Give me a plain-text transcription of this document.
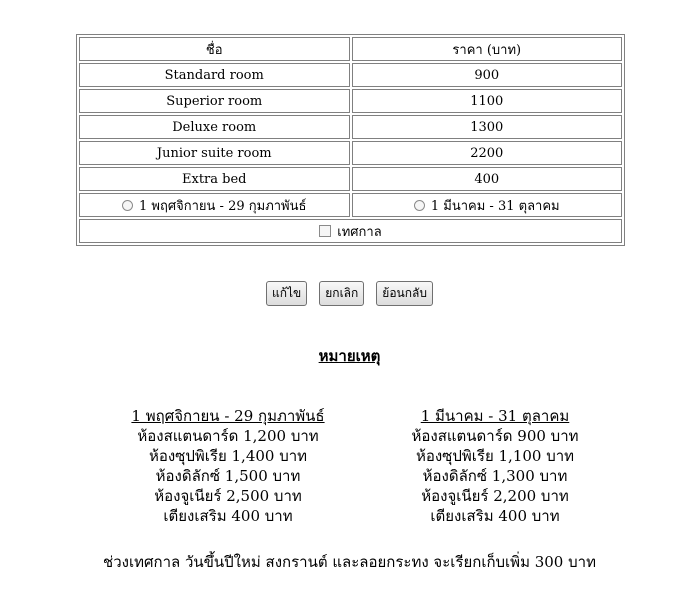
ชื่อ	ราคา (บาท)
Standard room	900
Superior room	1100
Deluxe room	1300
Junior suite room	2200
Extra bed	400

1 พฤศจิกายน - 29 กุมภาพันธ์	1 มีนาคม - 31 ตุลาคม

เทศกาล	
แก้ไข	ยกเลิก	ย้อนกลับ
หมายเหตุ
1 พฤศจิกายน - 29 กุมภาพันธ์
ห้องสแตนดาร์ด 1,200 บาท
ห้องซุปพิเรีย 1,400 บาท
ห้องดิลักซ์ 1,500 บาท
ห้องจูเนียร์ 2,500 บาท
เตียงเสริม 400 บาท
1 มีนาคม - 31 ตุลาคม
ห้องสแตนดาร์ด 900 บาท
ห้องซุปพิเรีย 1,100 บาท
ห้องดิลักซ์ 1,300 บาท
ห้องจูเนียร์ 2,200 บาท
เตียงเสริม 400 บาท
ช่วงเทศกาล วันขึ้นปีใหม่ สงกรานต์ และลอยกระทง จะเรียกเก็บเพิ่ม 300 บาท
